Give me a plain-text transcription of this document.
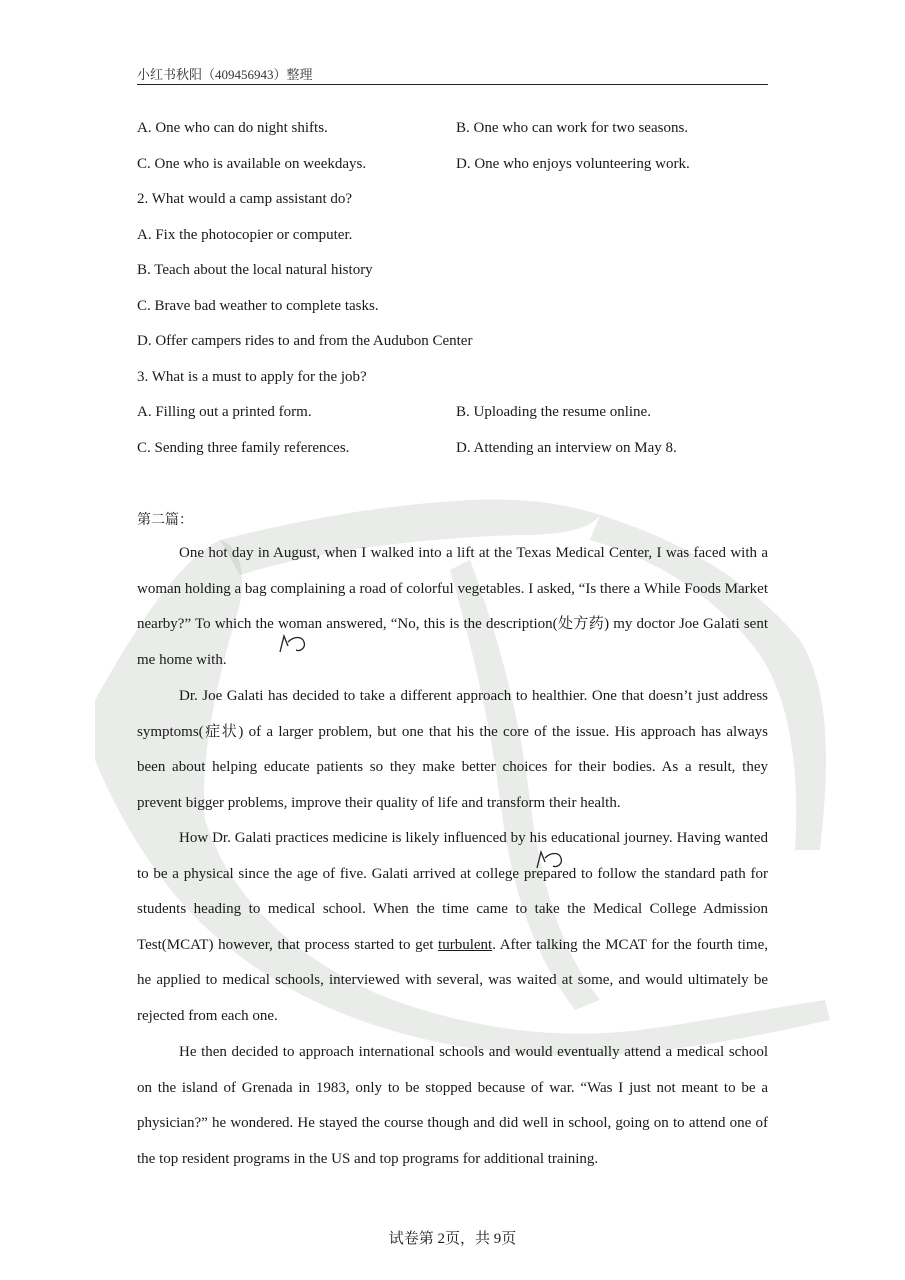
小红书秋阳（409456943）整理
A. One who can do night shifts.	B. One who can work for two seasons.
C. One who is available on weekdays.	D. One who enjoys volunteering work.
2. What would a camp assistant do?
A. Fix the photocopier or computer.
B. Teach about the local natural history
C. Brave bad weather to complete tasks.
D. Offer campers rides to and from the Audubon Center
3. What is a must to apply for the job?
A. Filling out a printed form.	B. Uploading the resume online.
C. Sending three family references.	D. Attending an interview on May 8.
第二篇：
One hot day in August, when I walked into a lift at the Texas Medical Center, I was faced with a woman holding a bag complaining a road of colorful vegetables. I asked, “Is there a While Foods Market nearby?” To which the woman answered, “No, this is the description(处方药) my doctor Joe Galati sent me home with.
Dr. Joe Galati has decided to take a different approach to healthier. One that doesn’t just address symptoms(症状) of a larger problem, but one that his the core of the issue. His approach has always been about helping educate patients so they make better choices for their bodies. As a result, they prevent bigger problems, improve their quality of life and transform their health.
How Dr. Galati practices medicine is likely influenced by his educational journey. Having wanted to be a physical since the age of five. Galati arrived at college prepared to follow the standard path for students heading to medical school. When the time came to take the Medical College Admission Test(MCAT) however, that process started to get turbulent. After talking the MCAT for the fourth time, he applied to medical schools, interviewed with several, was waited at some, and would ultimately be rejected from each one.
He then decided to approach international schools and would eventually attend a medical school on the island of Grenada in 1983, only to be stopped because of war. “Was I just not meant to be a physician?” he wondered. He stayed the course though and did well in school, going on to attend one of the top resident programs in the US and top programs for additional training.
试卷第 2页，共 9页
